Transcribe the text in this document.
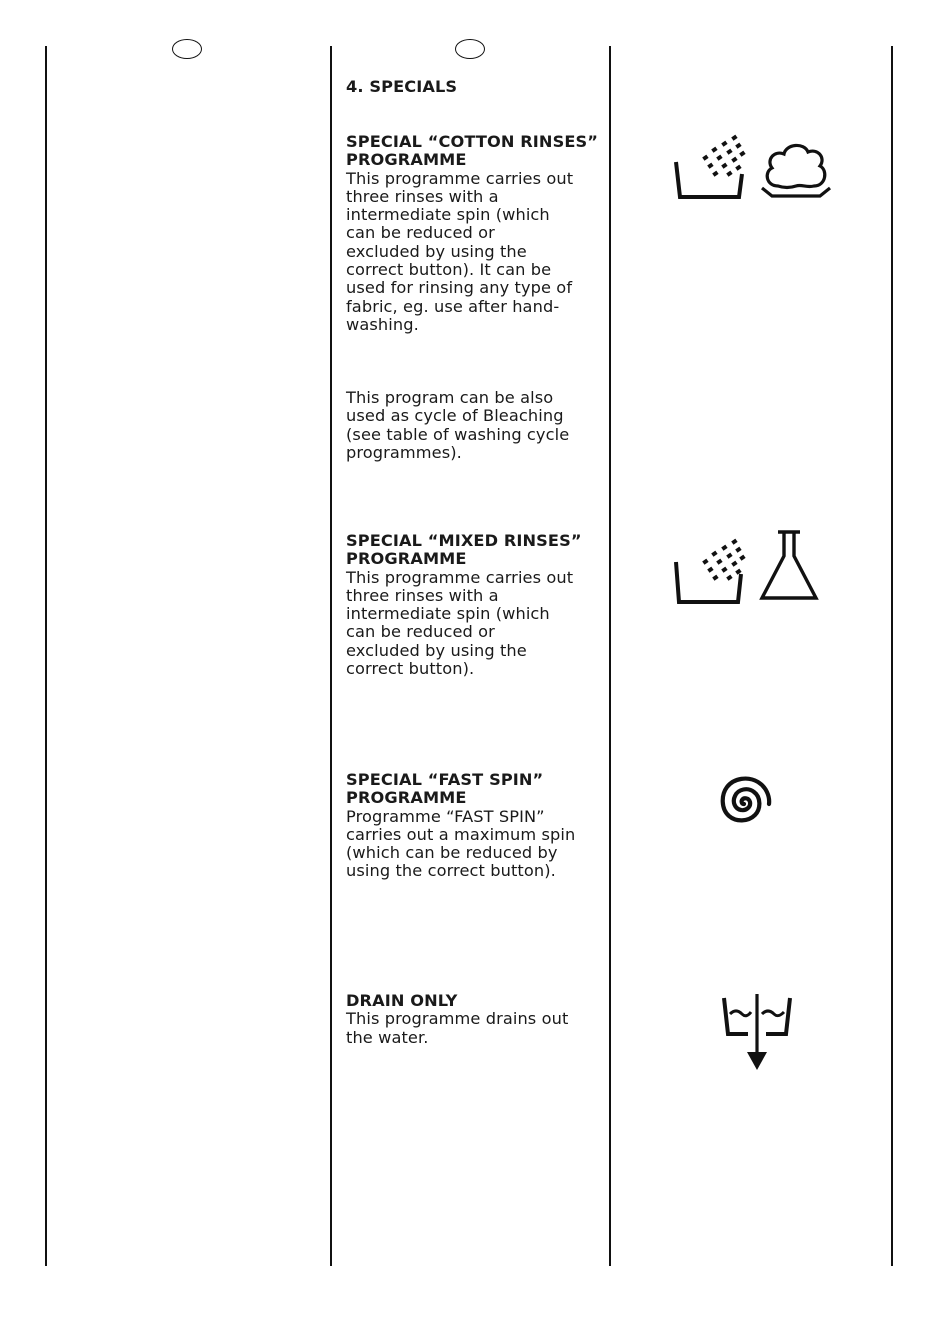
4. SPECIALS
SPECIAL “COTTON RINSES”
PROGRAMME
This programme carries out
three rinses with a
intermediate spin (which
can be reduced or
excluded by using the
correct button). It can be
used for rinsing any type of
fabric, eg. use after hand-
washing.
This program can be also
used as cycle of Bleaching
(see table of washing cycle
programmes).
SPECIAL “MIXED RINSES”
PROGRAMME
This programme carries out
three rinses with a
intermediate spin (which
can be reduced or
excluded by using the
correct button).
SPECIAL “FAST SPIN”
PROGRAMME
Programme “FAST SPIN”
carries out a maximum spin
(which can be reduced by
using the correct button).
DRAIN ONLY
This programme drains out
the water.
